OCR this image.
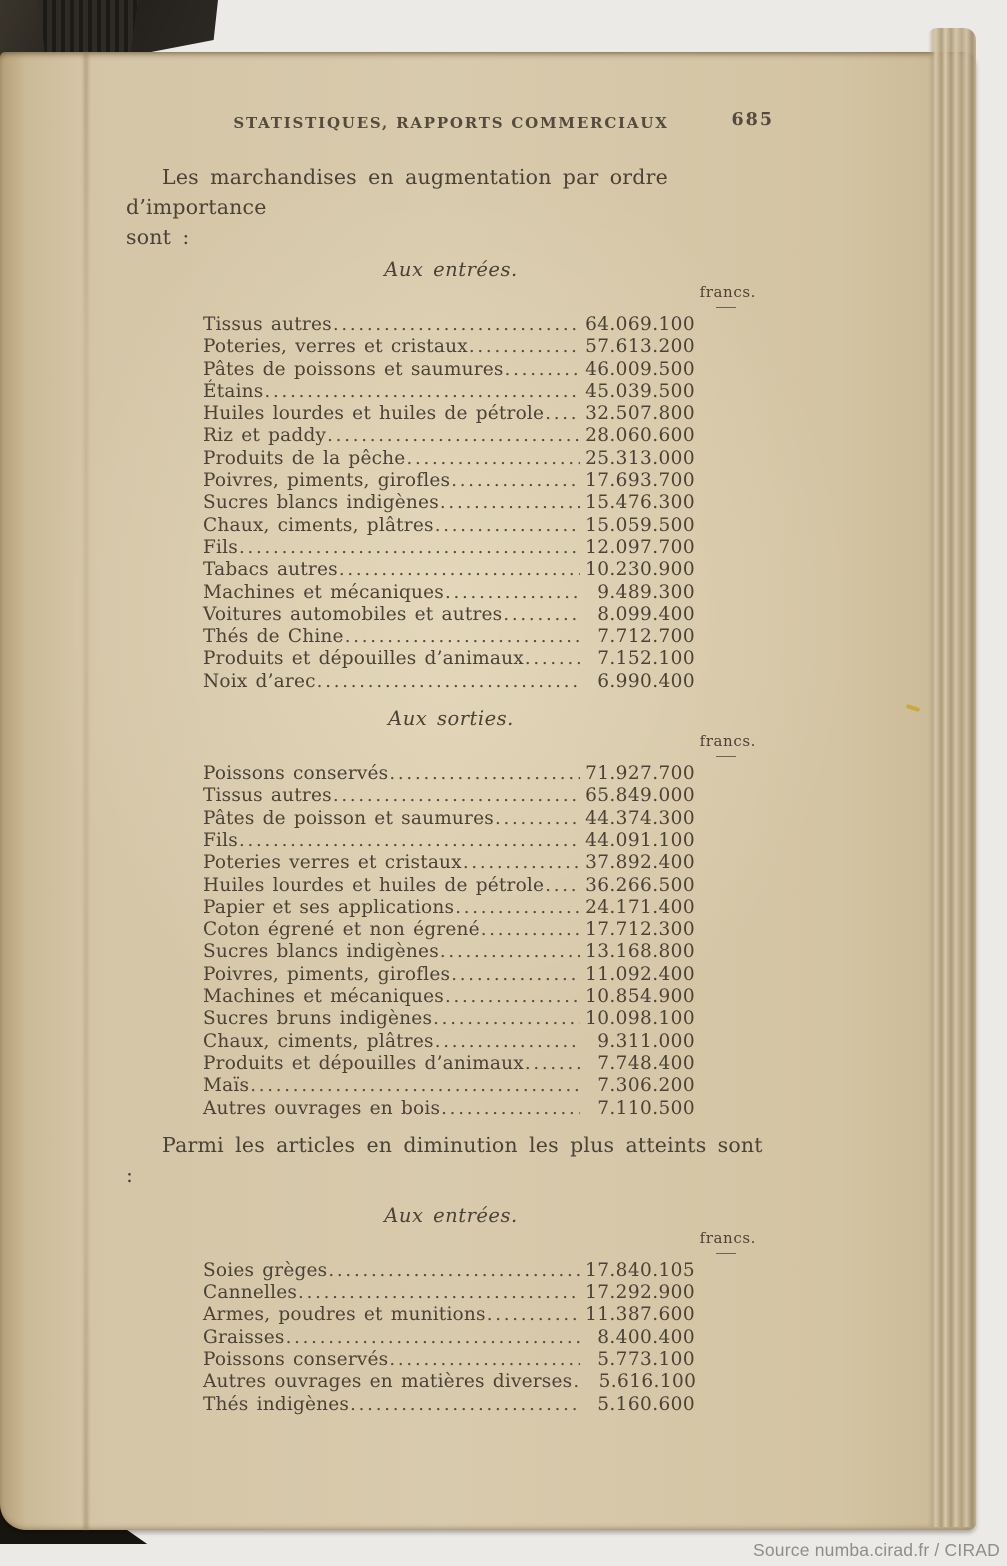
STATISTIQUES, RAPPORTS COMMERCIAUX	685

Les marchandises en augmentation par ordre d’importance
sont :

Aux entrées.
francs.
Tissus autres .....	64.069.100
Poteries, verres et cristaux .....	57.613.200
Pâtes de poissons et saumures .....	46.009.500
Étains .....	45.039.500
Huiles lourdes et huiles de pétrole ..... 32.507.800
Riz et paddy .....	28.060.600
Produits de la pêche .....	25.313.000
Poivres, piments, girofles .....	17.693.700
Sucres blancs indigènes .....	15.476.300
Chaux, ciments, plâtres .....	15.059.500
Fils .....	12.097.700
Tabacs autres .....	10.230.900
Machines et mécaniques .....	9.489.300
Voitures automobiles et autres .....	8.099.400
Thés de Chine .....	7.712.700
Produits et dépouilles d’animaux .....	7.152.100
Noix d’arec .....	6.990.400
Aux sorties.
francs.
Poissons conservés .....	71.927.700
Tissus autres .....	65.849.000
Pâtes de poisson et saumures .....	44.374.300
Fils .....	44.091.100
Poteries verres et cristaux .....	37.892.400
Huiles lourdes et huiles de pétrole ..... 36.266.500
Papier et ses applications .....	24.171.400
Coton égrené et non égrené .....	17.712.300
Sucres blancs indigènes .....	13.168.800
Poivres, piments, girofles .....	11.092.400
Machines et mécaniques .....	10.854.900
Sucres bruns indigènes .....	10.098.100
Chaux, ciments, plâtres .....	9.311.000
Produits et dépouilles d’animaux .....	7.748.400
Maïs .....	7.306.200
Autres ouvrages en bois .....	7.110.500

Parmi les articles en diminution les plus atteints sont :

Aux entrées.
francs.
Soies grèges .....	17.840.105
Cannelles .....	17.292.900
Armes, poudres et munitions .....	11.387.600
Graisses .....	8.400.400
Poissons conservés .....	5.773.100
Autres ouvrages en matières diverses .....	5.616.100
Thés indigènes .....	5.160.600
Source numba.cirad.fr / CIRAD
